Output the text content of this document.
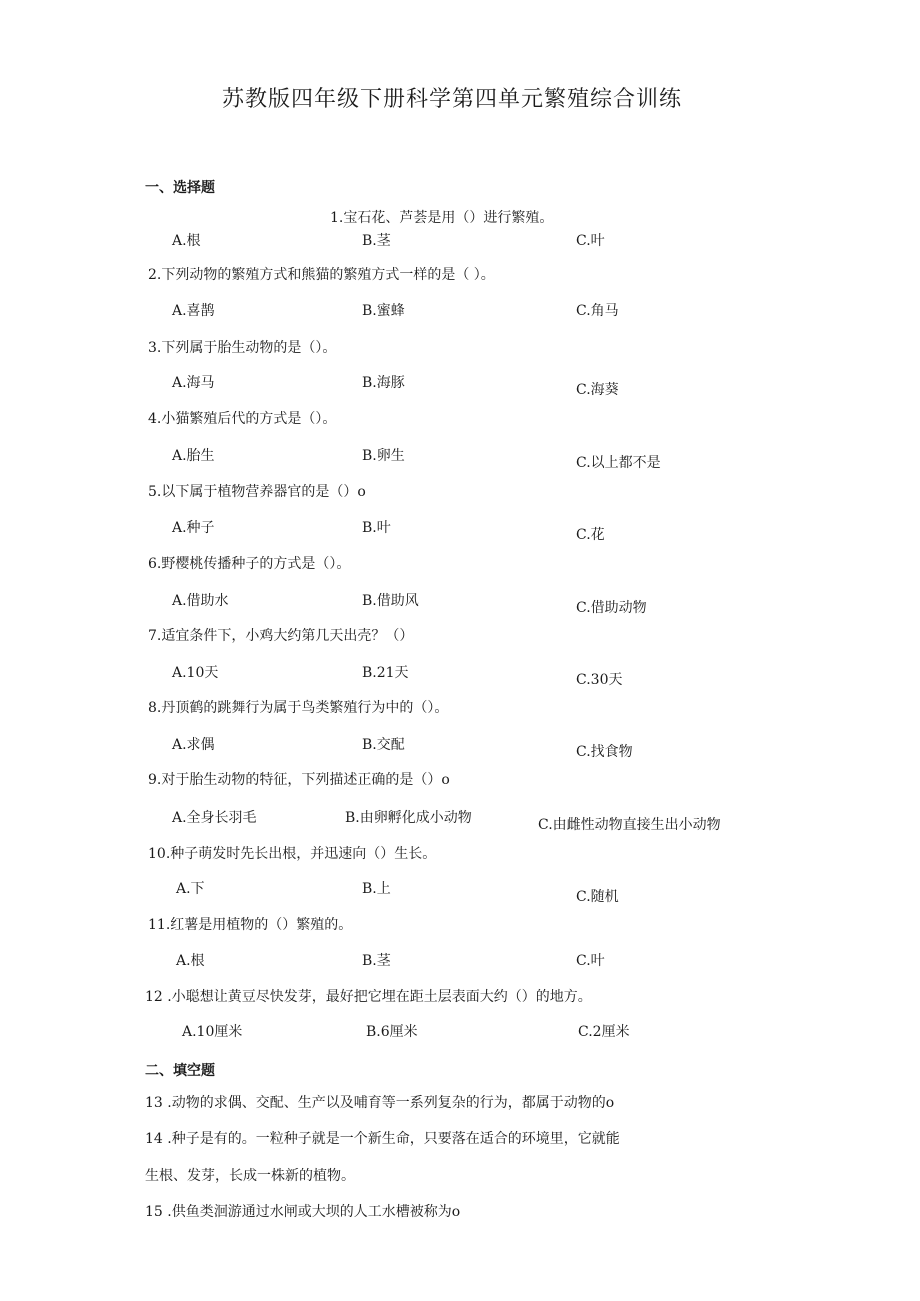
苏教版四年级下册科学第四单元繁殖综合训练
一、选择题
1.宝石花、芦荟是用（）进行繁殖。
A.根	B.茎	C.叶
2.下列动物的繁殖方式和熊猫的繁殖方式一样的是（ ）。
A.喜鹊	B.蜜蜂	C.角马
3.下列属于胎生动物的是（）。
A.海马	B.海豚	C.海葵
4.小猫繁殖后代的方式是（）。
A.胎生	B.卵生	C.以上都不是
5.以下属于植物营养器官的是（）o
A.种子	B.叶	C.花
6.野樱桃传播种子的方式是（）。
A.借助水	B.借助风	C.借助动物
7.适宜条件下，小鸡大约第几天出壳？（）
A.10天	B.21天	C.30天
8.丹顶鹤的跳舞行为属于鸟类繁殖行为中的（）。
A.求偶	B.交配	C.找食物
9.对于胎生动物的特征，下列描述正确的是（）o
A.全身长羽毛	B.由卵孵化成小动物	C.由雌性动物直接生出小动物
10.种子萌发时先长出根，并迅速向（）生长。
A.下	B.上	C.随机
11.红薯是用植物的（）繁殖的。
A.根	B.茎	C.叶
12 .小聪想让黄豆尽快发芽，最好把它埋在距土层表面大约（）的地方。
A.10厘米	B.6厘米	C.2厘米
二、填空题
13 .动物的求偶、交配、生产以及哺育等一系列复杂的行为，都属于动物的o
14 .种子是有的。一粒种子就是一个新生命，只要落在适合的环境里，它就能
生根、发芽，长成一株新的植物。
15 .供鱼类洄游通过水闸或大坝的人工水槽被称为o
